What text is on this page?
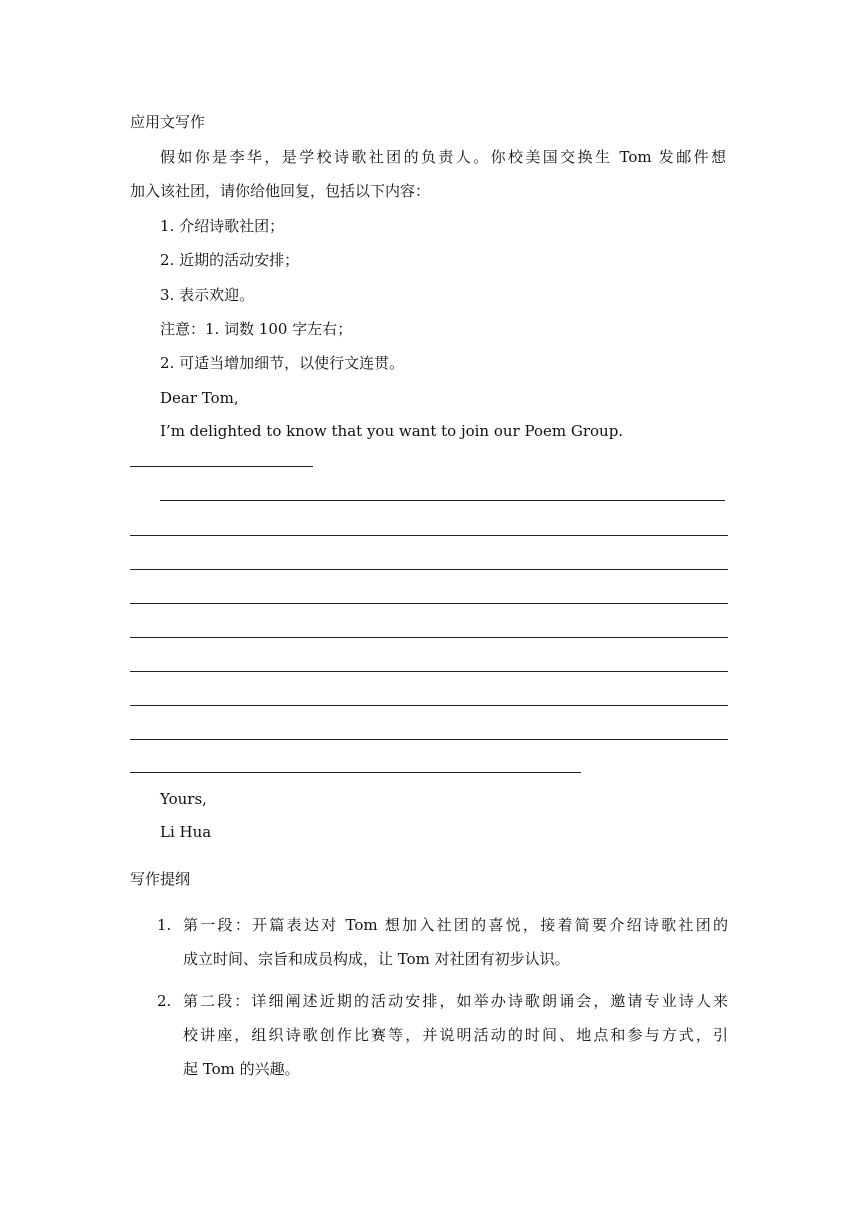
应用文写作
假如你是李华，是学校诗歌社团的负责人。你校美国交换生 Tom 发邮件想
加入该社团，请你给他回复，包括以下内容：
1. 介绍诗歌社团；
2. 近期的活动安排；
3. 表示欢迎。
注意：1. 词数 100 字左右；
2. 可适当增加细节，以使行文连贯。
Dear Tom,
I’m delighted to know that you want to join our Poem Group.
Yours,
Li Hua
写作提纲
1. 第一段：开篇表达对 Tom 想加入社团的喜悦，接着简要介绍诗歌社团的
成立时间、宗旨和成员构成，让 Tom 对社团有初步认识。
2. 第二段：详细阐述近期的活动安排，如举办诗歌朗诵会，邀请专业诗人来
校讲座，组织诗歌创作比赛等，并说明活动的时间、地点和参与方式，引
起 Tom 的兴趣。
